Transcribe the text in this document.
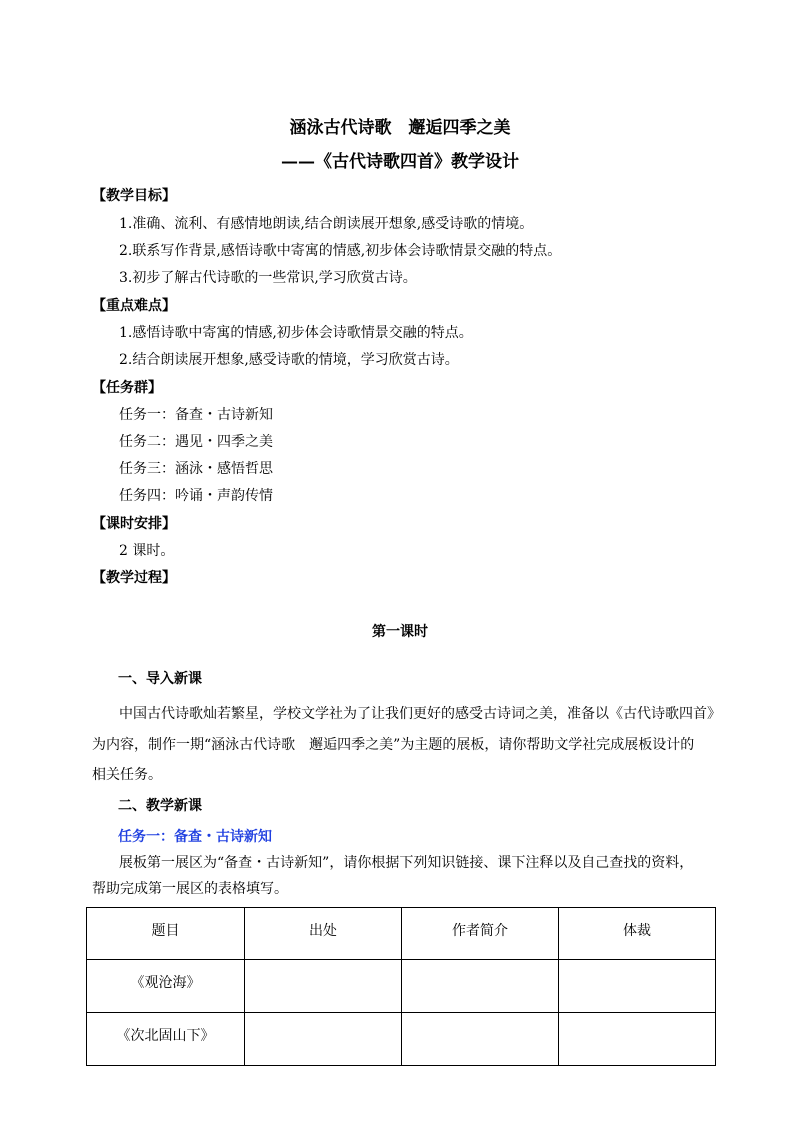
涵泳古代诗歌　邂逅四季之美
——《古代诗歌四首》教学设计
【教学目标】
1.准确、流利、有感情地朗读,结合朗读展开想象,感受诗歌的情境。
2.联系写作背景,感悟诗歌中寄寓的情感,初步体会诗歌情景交融的特点。
3.初步了解古代诗歌的一些常识,学习欣赏古诗。
【重点难点】
1.感悟诗歌中寄寓的情感,初步体会诗歌情景交融的特点。
2.结合朗读展开想象,感受诗歌的情境，学习欣赏古诗。
【任务群】
任务一：备查・古诗新知
任务二：遇见・四季之美
任务三：涵泳・感悟哲思
任务四：吟诵・声韵传情
【课时安排】
2 课时。
【教学过程】
第一课时
一、导入新课
中国古代诗歌灿若繁星，学校文学社为了让我们更好的感受古诗词之美，准备以《古代诗歌四首》
为内容，制作一期“涵泳古代诗歌　邂逅四季之美”为主题的展板，请你帮助文学社完成展板设计的
相关任务。
二、教学新课
任务一：备查・古诗新知
展板第一展区为“备查・古诗新知”，请你根据下列知识链接、课下注释以及自己查找的资料，
帮助完成第一展区的表格填写。
题目	出处	作者简介	体裁
《观沧海》			
《次北固山下》			
